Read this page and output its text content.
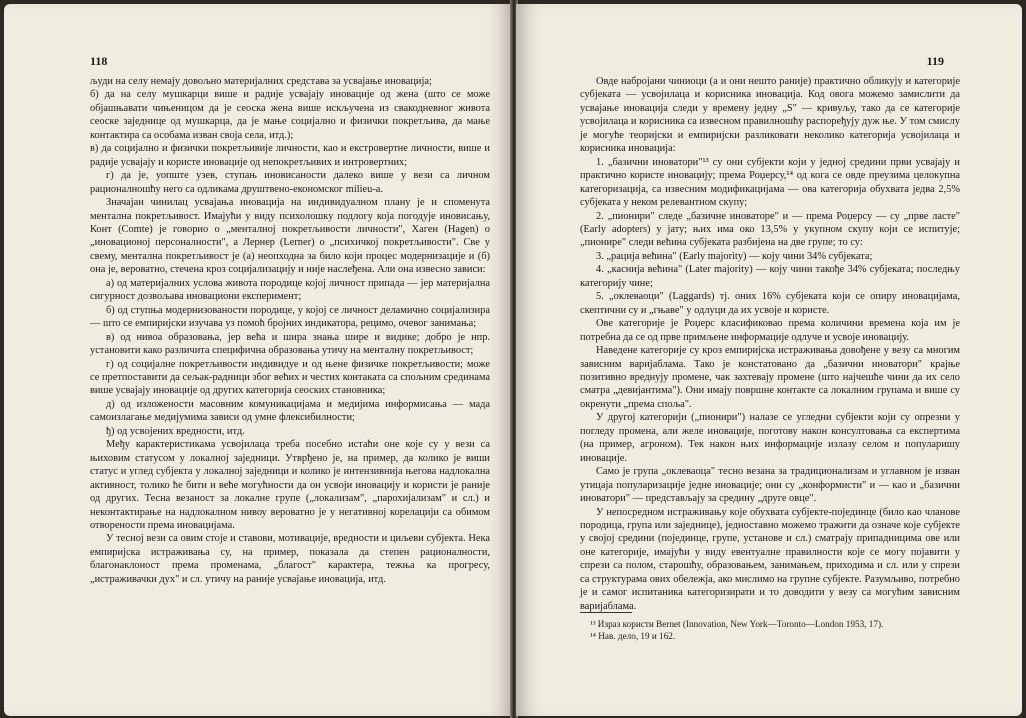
118

људи на селу немају довољно материјалних средстава за усвајање иновација;

б) да на селу мушкарци више и радије усвајају иновације од жена (што се може објашњавати чињеницом да је сеоска жена више искључена из свакодневног живота сеоске заједнице од мушкарца, да је мање социјално и физички покретљива, да мање контактира са особама изван своја села, итд.);

в) да социјално и физички покретљивије личности, као и екстровертне личности, више и радије усвајају и користе иновације од непокретљивих и интровертних;

г) да је, уопште узев, ступањ иновисаности далеко више у вези са личном рационалношћу него са одликама друштвено-економског milieu-a.

Значајан чинилац усвајања иновација на индивидуалном плану је и споменута ментална покретљивост. Имајући у виду психолошку подлогу која погодује иновисању, Конт (Comte) је говорио о „менталној покретљивости личности", Хаген (Hagen) о „иновационој персоналности", а Лернер (Lerner) о „психичкој покретљивости". Све у свему, ментална покретљивост је (а) неопходна за било који процес модернизације и (б) она је, вероватно, стечена кроз социјализацију и није наслеђена. Али она извесно зависи:

а) од материјалних услова живота породице којој личност припада — јер материјална сигурност дозвољава иновациони експеримент;

б) од ступња модернизованости породице, у којој се личност деламично социјализира — што се емпиријски изучава уз помоћ бројних индикатора, рецимо, очевог занимања;

в) од нивоа образовања, јер већа и шира знања шире и видике; добро је нпр. установити како различита специфична образовања утичу на менталну покретљивост;

г) од социјалне покретљивости индивидуе и од њене физичке покретљивости; може се претпоставити да сељак-радници због већих и честих контаката са спољним срединама више усвајају иновације од других категорија сеоских становника;

д) од изложености масовним комуникацијама и медијима информисања — мада самоизлагање медијумима зависи од умне флексибилности;

ђ) од усвојених вредности, итд.

Међу карактеристикама усвојилаца треба посебно истаћи оне које су у вези са њиховим статусом у локалној заједници. Утврђено је, на пример, да колико је виши статус и углед субјекта у локалној заједници и колико је интензивнија његова надлокална активност, толико ће бити и веће могућности да он усвоји иновацију и користи је раније од других. Тесна везаност за локалне групе („локализам", „парохијализам" и сл.) и неконтактирање на надлокалном нивоу вероватно је у негативној корелацији са обимом отворености према иновацијама.

У тесној вези са овим стоје и ставови, мотивације, вредности и циљеви субјекта. Нека емпиријска истраживања су, на пример, показала да степен рационалности, благонаклоност према променама, „благост" карактера, тежња ка прогресу, „истраживачки дух" и сл. утичу на раније усвајање иновација, итд.

119

Овде набројани чиниоци (а и они нешто раније) практично обликују и категорије субјеката — усвојилаца и корисника иновација. Код овога можемо замислити да усвајање иновација следи у времену једну „S" — кривуљу, тако да се категорије усвојилаца и корисника са извесном правилношћу распоређују дуж ње. У том смислу је могуће теоријски и емпиријски разликовати неколико категорија усвојилаца и корисника иновација:

1. „базични иноватори"¹³ су они субјекти који у једној средини први усвајају и практично користе иновацију; према Роџерсу,¹⁴ од кога се овде преузима целокупна категоризација, са извесним модификацијама — ова категорија обухвата једва 2,5% субјеката у неком релевантном скупу;

2. „пионири" следе „базичне иноваторе" и — према Роџерсу — су „прве ласте" (Early adopters) у јату; њих има око 13,5% у укупном скупу који се испитује; „пионире" следи већина субјеката разбијена на две групе; то су:

3. „рација већина" (Early majority) — коју чини 34% субјеката;

4. „каснија већина" (Later majority) — коју чини такође 34% субјеката; последњу категорију чине;

5. „оклеваоци" (Laggards) тј. оних 16% субјеката који се опиру иновацијама, скептични су и „гњаве" у одлуци да их усвоје и користе.

Ове категорије је Роџерс класификовао према количини времена која им је потребна да се од прве примљене информације одлуче и усвоје иновацију.

Наведене категорије су кроз емпиријска истраживања довођене у везу са многим зависним варијаблама. Тако је констатовано да „базични иноватори" крајње позитивно вреднују промене, чак захтевају промене (што најчешће чини да их село сматра „девијантима"). Они имају површне контакте са локалним групама и више су окренути „према споља".

У другој категорији („пионири") налазе се угледни субјекти који су опрезни у погледу промена, али желе иновације, поготову након консултовања са експертима (на пример, агроном). Тек након њих информације излазу селом и популаришу иновације.

Само је група „оклеваоца" тесно везана за традиционализам и углавном је изван утицаја популаризације једне иновације; они су „конформисти" и — као и „базични иноватори" — представљају за средину „друге овце".

У непосредном истраживању које обухвата субјекте-појединце (било као чланове породица, група или заједнице), једноставно можемо тражити да означе које субјекте у својој средини (појединце, групе, установе и сл.) сматрају припадницима ове или оне категорије, имајући у виду евентуалне правилности које се могу појавити у спрези са полом, старошћу, образовањем, занимањем, приходима и сл. или у спрези са структурама ових обележја, ако мислимо на групне субјекте. Разумљиво, потребно је и самог испитаника категоризирати и то доводити у везу са могућим зависним варијаблама.

¹³ Израз користи Bernet (Innovation, New York—Toronto—London 1953, 17).

¹⁴ Нав. дело, 19 и 162.
